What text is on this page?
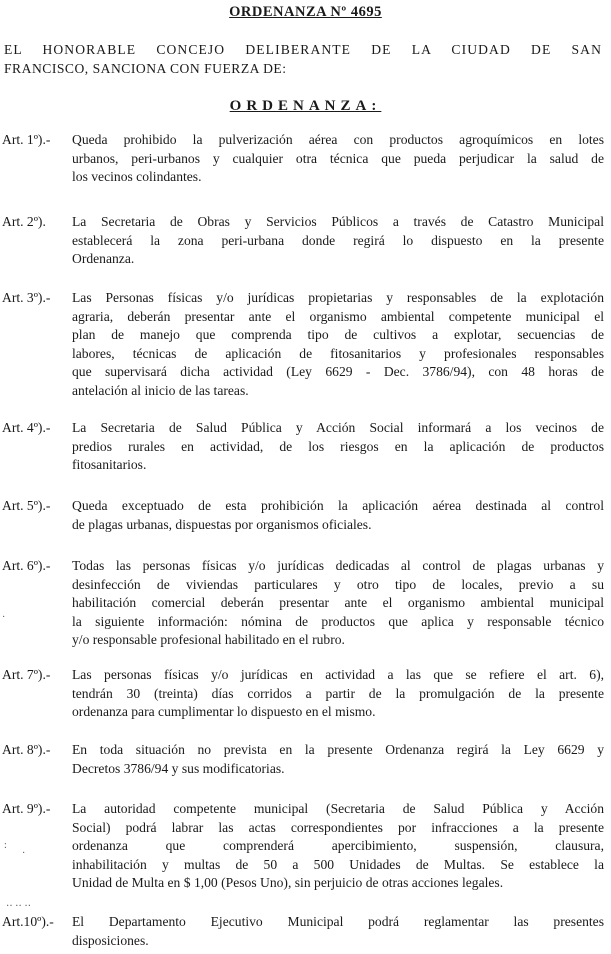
ORDENANZA Nº 4695
EL HONORABLE CONCEJO DELIBERANTE DE LA CIUDAD DE SAN
FRANCISCO, SANCIONA CON FUERZA DE:
ORDENANZA:
Art. 1º).- Queda prohibido la pulverización aérea con productos agroquímicos en lotes
urbanos, peri-urbanos y cualquier otra técnica que pueda perjudicar la salud de
los vecinos colindantes.
Art. 2º). La Secretaria de Obras y Servicios Públicos a través de Catastro Municipal
establecerá la zona peri-urbana donde regirá lo dispuesto en la presente
Ordenanza.
Art. 3º).- Las Personas físicas y/o jurídicas propietarias y responsables de la explotación
agraria, deberán presentar ante el organismo ambiental competente municipal el
plan de manejo que comprenda tipo de cultivos a explotar, secuencias de
labores, técnicas de aplicación de fitosanitarios y profesionales responsables
que supervisará dicha actividad (Ley 6629 - Dec. 3786/94), con 48 horas de
antelación al inicio de las tareas.
Art. 4º).- La Secretaria de Salud Pública y Acción Social informará a los vecinos de
predios rurales en actividad, de los riesgos en la aplicación de productos
fitosanitarios.
Art. 5º).- Queda exceptuado de esta prohibición la aplicación aérea destinada al control
de plagas urbanas, dispuestas por organismos oficiales.
Art. 6º).- Todas las personas físicas y/o jurídicas dedicadas al control de plagas urbanas y
desinfección de viviendas particulares y otro tipo de locales, previo a su
habilitación comercial deberán presentar ante el organismo ambiental municipal
la siguiente información: nómina de productos que aplica y responsable técnico
y/o responsable profesional habilitado en el rubro.
Art. 7º).- Las personas físicas y/o jurídicas en actividad a las que se refiere el art. 6),
tendrán 30 (treinta) días corridos a partir de la promulgación de la presente
ordenanza para cumplimentar lo dispuesto en el mismo.
Art. 8º).- En toda situación no prevista en la presente Ordenanza regirá la Ley 6629 y
Decretos 3786/94 y sus modificatorias.
Art. 9º).- La autoridad competente municipal (Secretaria de Salud Pública y Acción
Social) podrá labrar las actas correspondientes por infracciones a la presente
ordenanza que comprenderá apercibimiento, suspensión, clausura,
inhabilitación y multas de 50 a 500 Unidades de Multas. Se establece la
Unidad de Multa en $ 1,00 (Pesos Uno), sin perjuicio de otras acciones legales.
Art.10º).- El Departamento Ejecutivo Municipal podrá reglamentar las presentes
disposiciones.
·
:
·
‥ ‥ ‥
